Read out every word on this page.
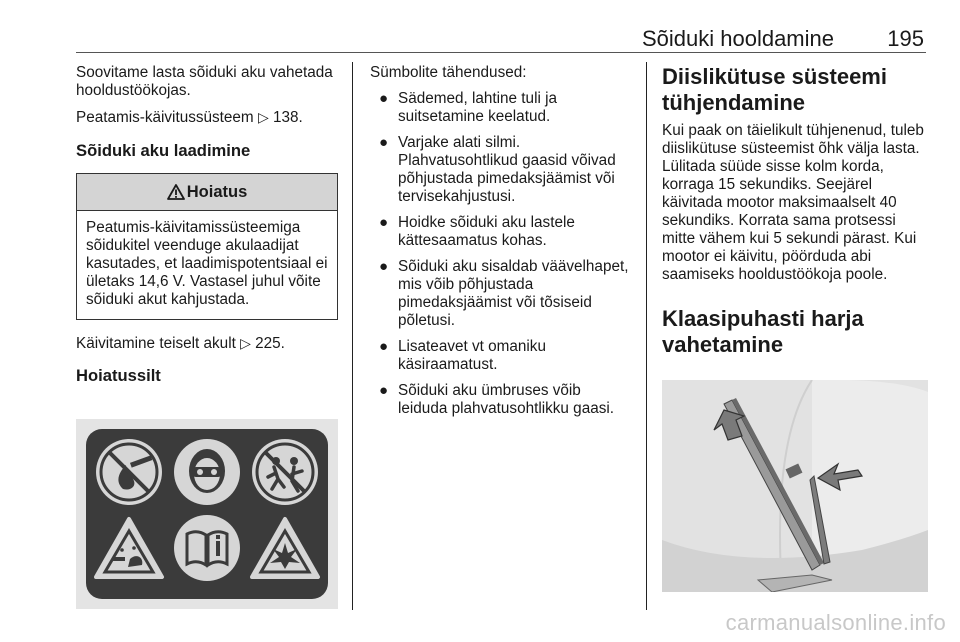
Sõiduki hooldamine 195

Soovitame lasta sõiduki aku vahetada hooldustöökojas.

Peatamis-käivitussüsteem ▷ 138.

Sõiduki aku laadimine
Hoiatus

Peatumis-käivitamissüsteemiga sõidukitel veenduge akulaadijat kasutades, et laadimispotentsiaal ei ületaks 14,6 V. Vastasel juhul võite sõiduki akut kahjustada.

Käivitamine teiselt akult ▷ 225.

Hoiatussilt

Sümbolite tähendused:

● Sädemed, lahtine tuli ja suitsetamine keelatud.

● Varjake alati silmi. Plahvatusohtlikud gaasid võivad põhjustada pimedaksjäämist või tervisekahjustusi.

● Hoidke sõiduki aku lastele kättesaamatus kohas.

● Sõiduki aku sisaldab väävelhapet, mis võib põhjustada pimedaksjäämist või tõsiseid põletusi.

● Lisateavet vt omaniku käsiraamatust.

● Sõiduki aku ümbruses võib leiduda plahvatusohtlikku gaasi.

Diislikütuse süsteemi tühjendamine

Kui paak on täielikult tühjenenud, tuleb diislikütuse süsteemist õhk välja lasta. Lülitada süüde sisse kolm korda, korraga 15 sekundiks. Seejärel käivitada mootor maksimaalselt 40 sekundiks. Korrata sama protsessi mitte vähem kui 5 sekundi pärast. Kui mootor ei käivitu, pöörduda abi saamiseks hooldustöökoja poole.

Klaasipuhasti harja vahetamine
carmanualsonline.info
